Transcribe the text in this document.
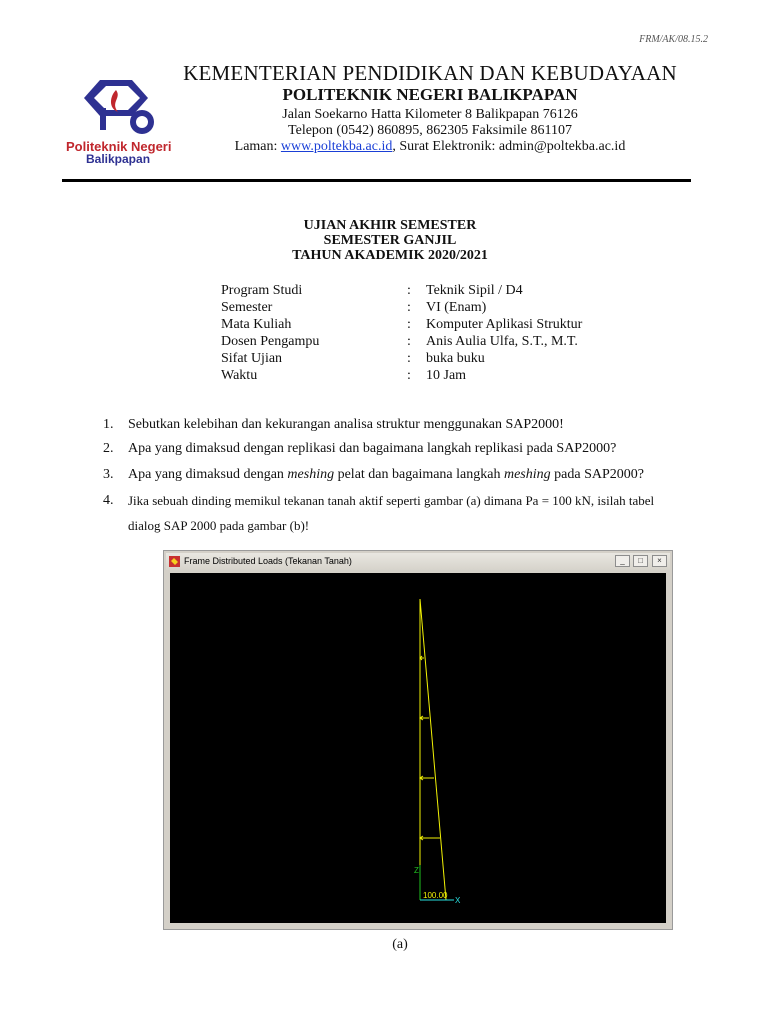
FRM/AK/08.15.2
Politeknik Negeri
Balikpapan
KEMENTERIAN PENDIDIKAN DAN KEBUDAYAAN
POLITEKNIK NEGERI BALIKPAPAN
Jalan Soekarno Hatta Kilometer 8 Balikpapan 76126
Telepon (0542) 860895, 862305 Faksimile 861107
Laman: www.poltekba.ac.id, Surat Elektronik: admin@poltekba.ac.id
UJIAN AKHIR SEMESTER
SEMESTER GANJIL
TAHUN AKADEMIK 2020/2021
Program Studi	: Teknik Sipil / D4
Semester	: VI (Enam)
Mata Kuliah	: Komputer Aplikasi Struktur
Dosen Pengampu	: Anis Aulia Ulfa, S.T., M.T.
Sifat Ujian	: buka buku
Waktu	: 10 Jam
1. Sebutkan kelebihan dan kekurangan analisa struktur menggunakan SAP2000!
2. Apa yang dimaksud dengan replikasi dan bagaimana langkah replikasi pada SAP2000?
3. Apa yang dimaksud dengan meshing pelat dan bagaimana langkah meshing pada SAP2000?
4. Jika sebuah dinding memikul tekanan tanah aktif seperti gambar (a) dimana Pa = 100 kN, isilah tabel
dialog SAP 2000 pada gambar (b)!
Frame Distributed Loads (Tekanan Tanah)	_	□	×
Z
X
100.00
(a)
